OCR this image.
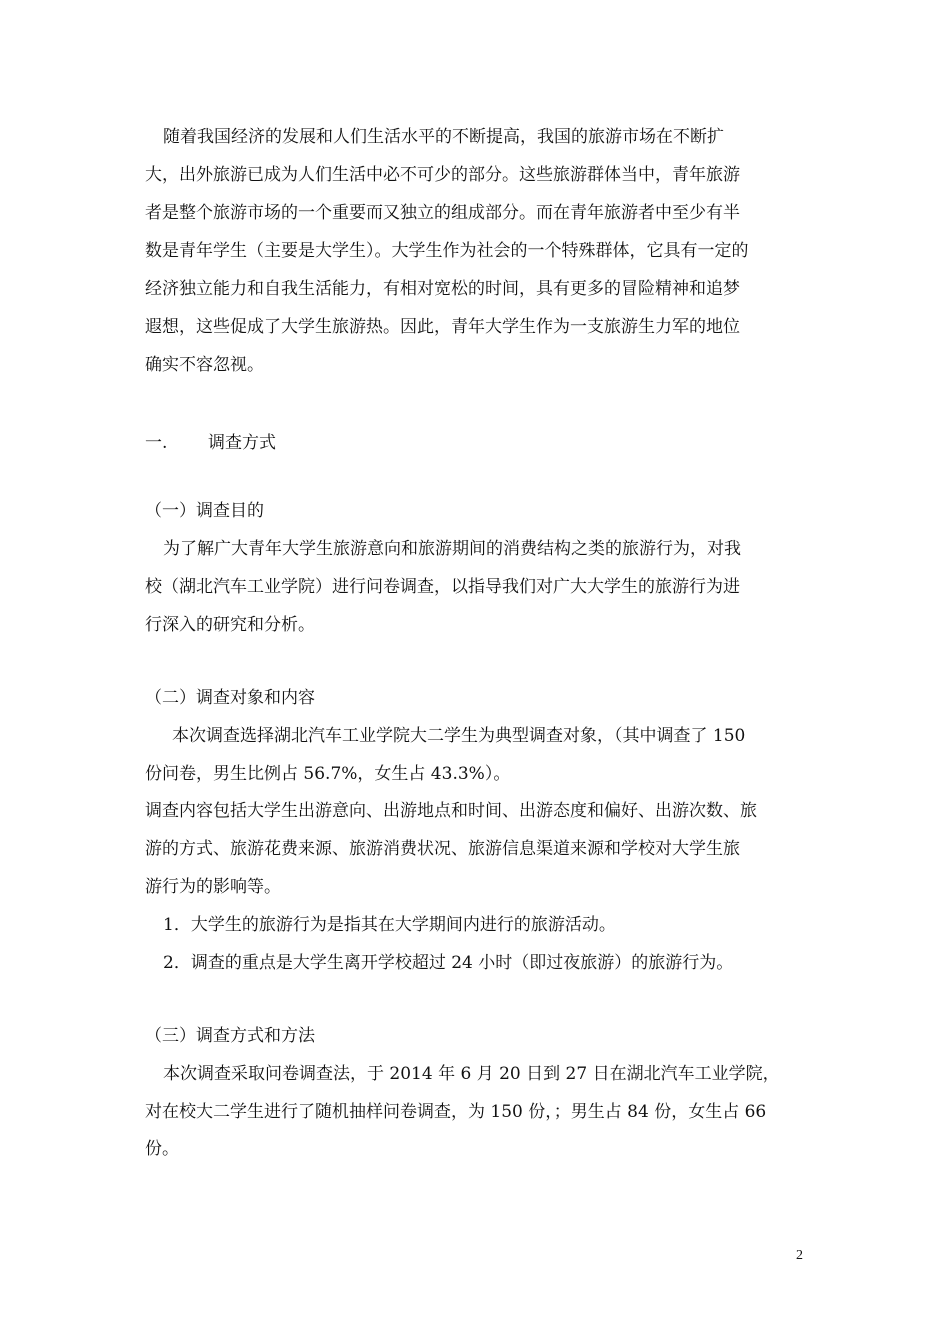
随着我国经济的发展和人们生活水平的不断提高，我国的旅游市场在不断扩
大，出外旅游已成为人们生活中必不可少的部分。这些旅游群体当中，青年旅游
者是整个旅游市场的一个重要而又独立的组成部分。而在青年旅游者中至少有半
数是青年学生（主要是大学生）。大学生作为社会的一个特殊群体，它具有一定的
经济独立能力和自我生活能力，有相对宽松的时间，具有更多的冒险精神和追梦
遐想，这些促成了大学生旅游热。因此，青年大学生作为一支旅游生力军的地位
确实不容忽视。
一. 调查方式
（一）调查目的
为了解广大青年大学生旅游意向和旅游期间的消费结构之类的旅游行为，对我
校（湖北汽车工业学院）进行问卷调查，以指导我们对广大大学生的旅游行为进
行深入的研究和分析。
（二）调查对象和内容
本次调查选择湖北汽车工业学院大二学生为典型调查对象，（其中调查了 150
份问卷，男生比例占 56.7%，女生占 43.3%）。
调查内容包括大学生出游意向、出游地点和时间、出游态度和偏好、出游次数、旅
游的方式、旅游花费来源、旅游消费状况、旅游信息渠道来源和学校对大学生旅
游行为的影响等。
1．大学生的旅游行为是指其在大学期间内进行的旅游活动。
2．调查的重点是大学生离开学校超过 24 小时（即过夜旅游）的旅游行为。
（三）调查方式和方法
本次调查采取问卷调查法，于 2014 年 6 月 20 日到 27 日在湖北汽车工业学院，
对在校大二学生进行了随机抽样问卷调查，为 150 份，；男生占 84 份，女生占 66
份。
2
